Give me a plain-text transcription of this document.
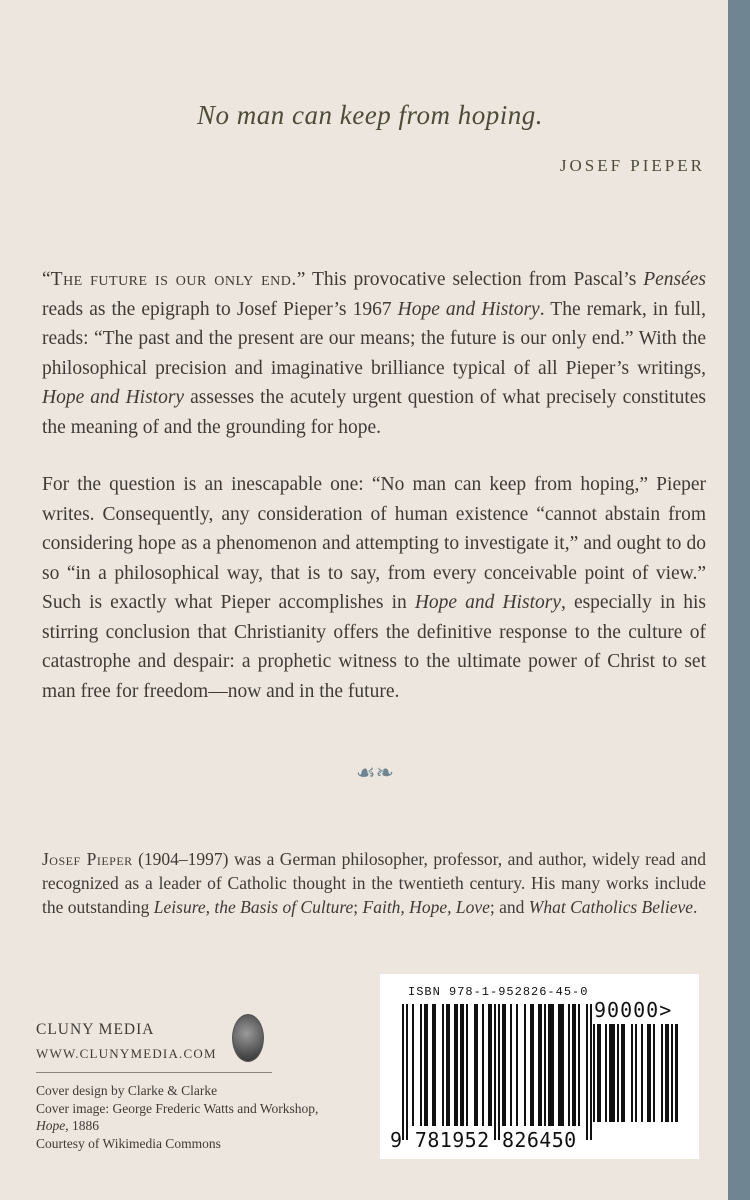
No man can keep from hoping.
JOSEF PIEPER

“The future is our only end.” This provocative selection from Pascal’s Pensées reads as the epigraph to Josef Pieper’s 1967 Hope and History. The remark, in full, reads: “The past and the present are our means; the future is our only end.” With the philosophical precision and imaginative brilliance typical of all Pieper’s writings, Hope and History assesses the acutely urgent question of what precisely constitutes the meaning of and the grounding for hope.

For the question is an inescapable one: “No man can keep from hoping,” Pieper writes. Consequently, any consideration of human existence “cannot abstain from considering hope as a phenomenon and attempting to investigate it,” and ought to do so “in a philosophical way, that is to say, from every conceivable point of view.” Such is exactly what Pieper accomplishes in Hope and History, especially in his stirring conclusion that Christianity offers the definitive response to the culture of catastrophe and despair: a prophetic witness to the ultimate power of Christ to set man free for freedom—now and in the future.

☙❧

Josef Pieper (1904–1997) was a German philosopher, professor, and author, widely read and recognized as a leader of Catholic thought in the twentieth century. His many works include the outstanding Leisure, the Basis of Culture; Faith, Hope, Love; and What Catholics Believe.

CLUNY MEDIA
WWW.CLUNYMEDIA.COM
Cover design by Clarke & Clarke
Cover image: George Frederic Watts and Workshop,
Hope, 1886
Courtesy of Wikimedia Commons
ISBN 978-1-952826-45-0
90000>
9 781952 826450
